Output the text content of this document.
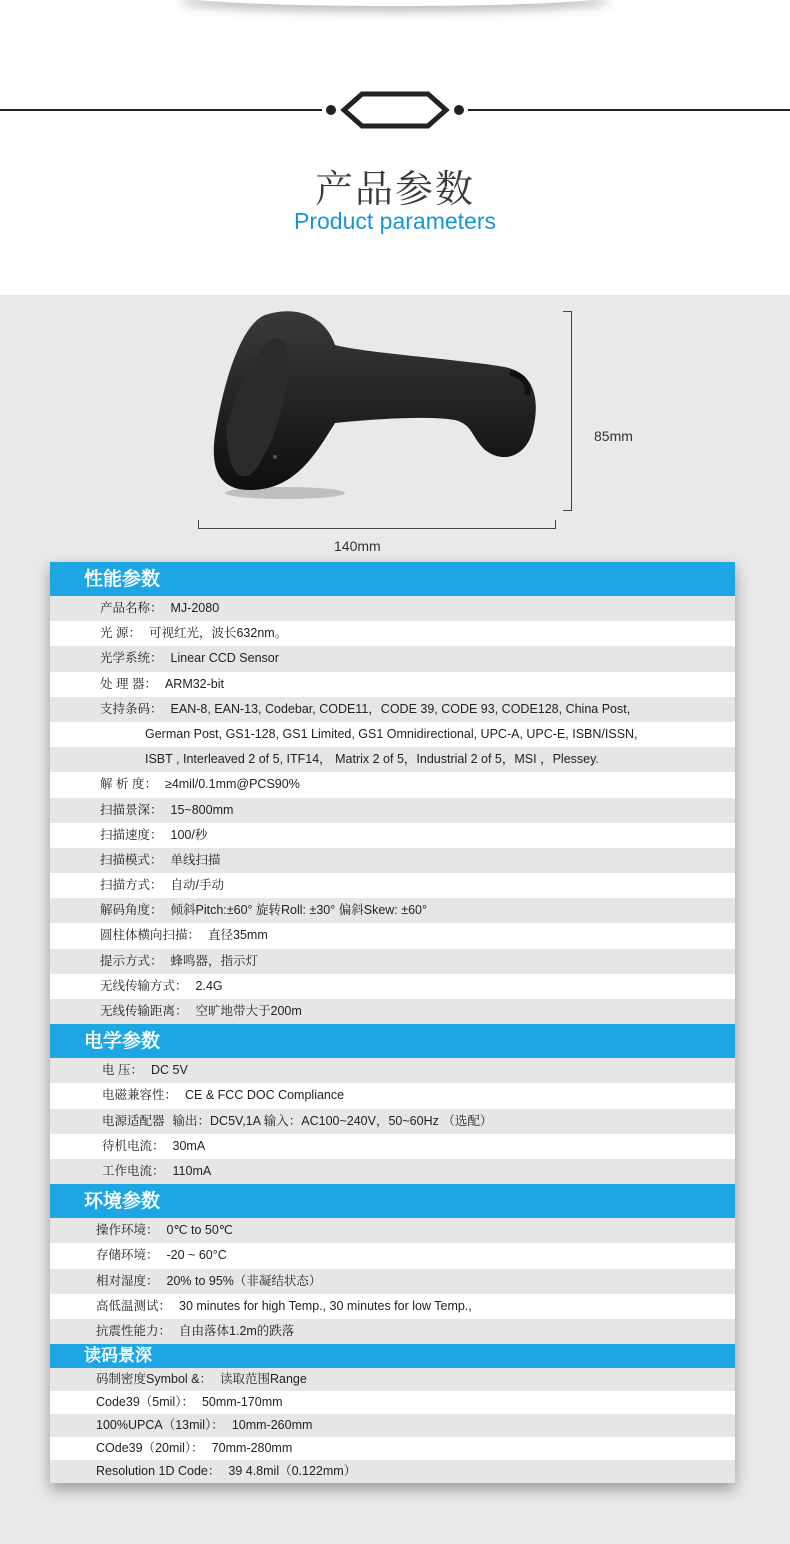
产品参数
Product parameters
85mm
140mm
性能参数
产品名称： MJ-2080
光 源： 可视红光，波长632nm。
光学系统： Linear CCD Sensor
处 理 器： ARM32-bit
支持条码： EAN-8, EAN-13, Codebar, CODE11，CODE 39, CODE 93, CODE128, China Post,
German Post, GS1-128, GS1 Limited, GS1 Omnidirectional, UPC-A, UPC-E, ISBN/ISSN,
ISBT , Interleaved 2 of 5, ITF14， Matrix 2 of 5，Industrial 2 of 5，MSI ，Plessey.
解 析 度： ≥4mil/0.1mm@PCS90%
扫描景深： 15~800mm
扫描速度： 100/秒
扫描模式： 单线扫描
扫描方式： 自动/手动
解码角度： 倾斜Pitch:±60° 旋转Roll: ±30° 偏斜Skew: ±60°
圆柱体横向扫描： 直径35mm
提示方式： 蜂鸣器，指示灯
无线传输方式： 2.4G
无线传输距离： 空旷地带大于200m
电学参数
电 压： DC 5V
电磁兼容性： CE & FCC DOC Compliance
电源适配器 输出：DC5V,1A 输入：AC100~240V，50~60Hz （选配）
待机电流： 30mA
工作电流： 110mA
环境参数
操作环境： 0℃ to 50℃
存储环境： -20 ~ 60°C
相对湿度： 20% to 95%（非凝结状态）
高低温测试： 30 minutes for high Temp., 30 minutes for low Temp.,
抗震性能力： 自由落体1.2m的跌落
读码景深
码制密度Symbol &： 读取范围Range
Code39（5mil）： 50mm-170mm
100%UPCA（13mil）： 10mm-260mm
COde39（20mil）： 70mm-280mm
Resolution 1D Code： 39 4.8mil（0.122mm）
